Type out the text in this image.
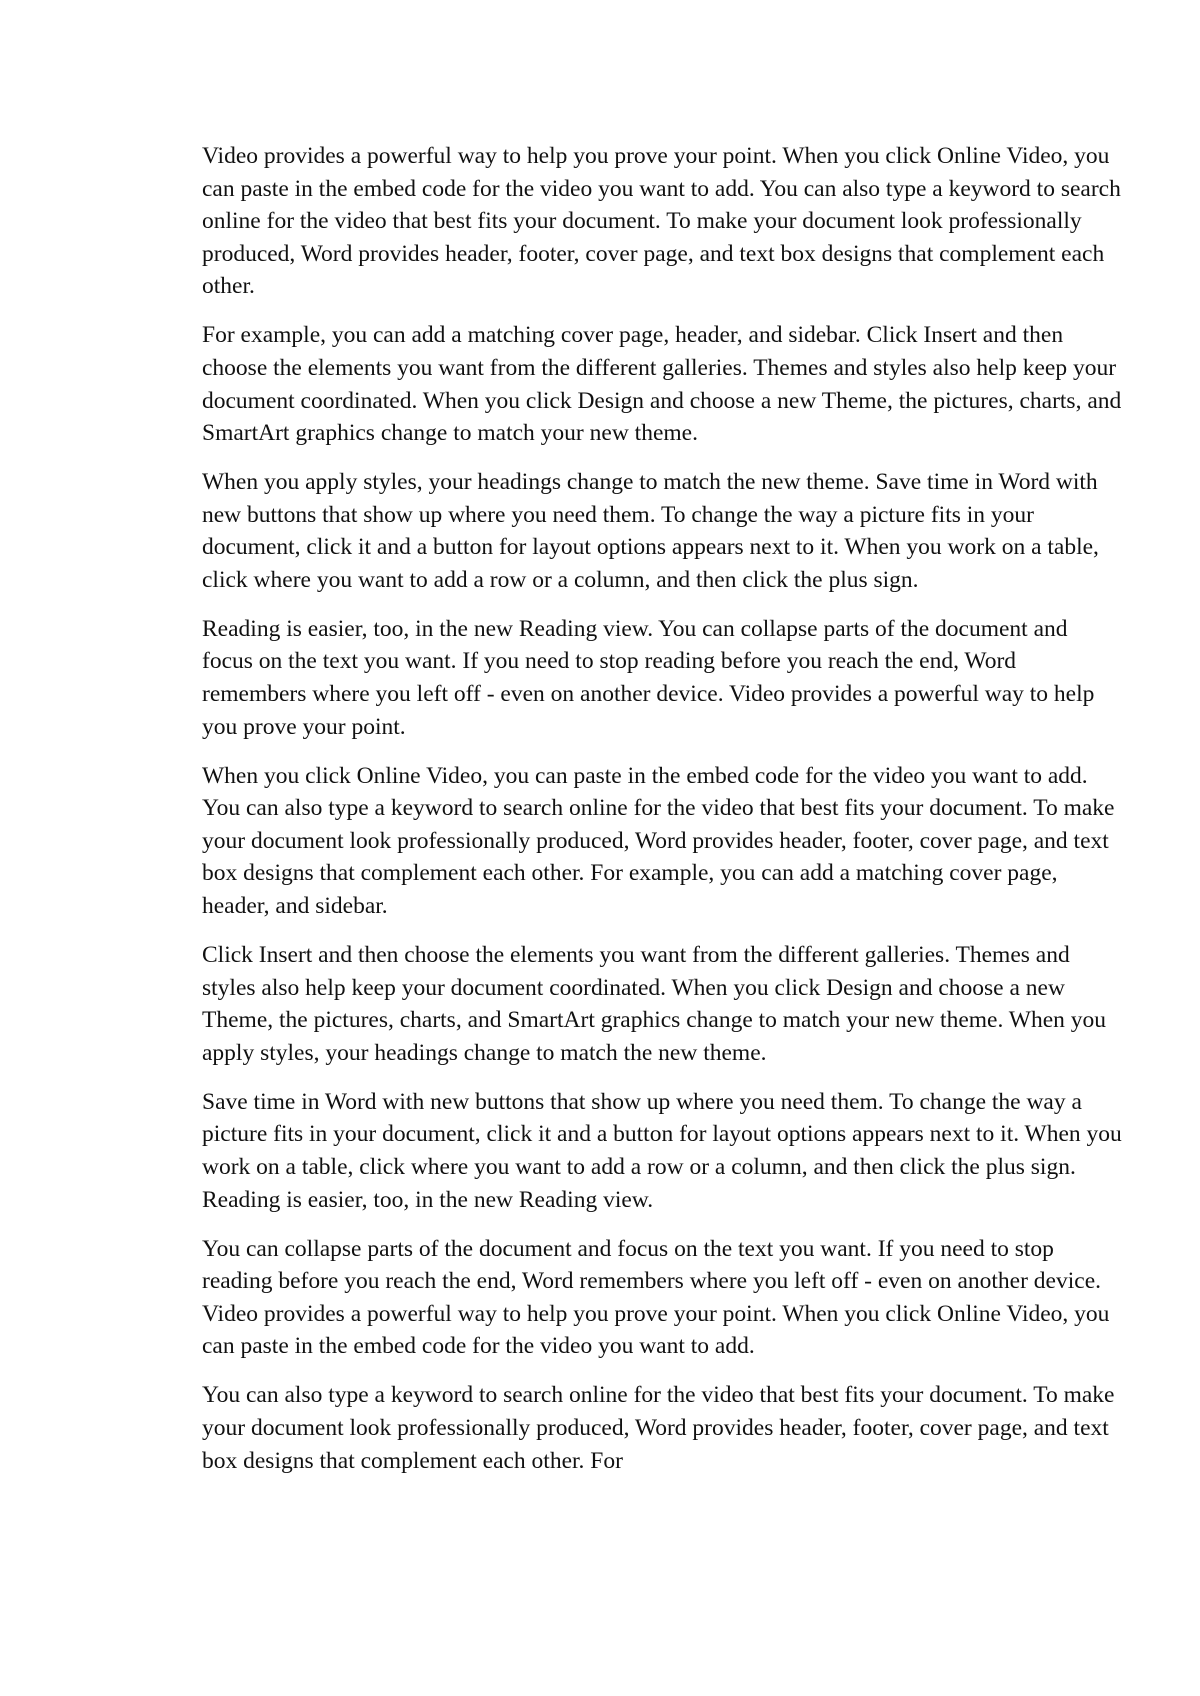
Video provides a powerful way to help you prove your point. When you click Online Video, you can paste in the embed code for the video you want to add. You can also type a keyword to search online for the video that best fits your document. To make your document look professionally produced, Word provides header, footer, cover page, and text box designs that complement each other.

For example, you can add a matching cover page, header, and sidebar. Click Insert and then choose the elements you want from the different galleries. Themes and styles also help keep your document coordinated. When you click Design and choose a new Theme, the pictures, charts, and SmartArt graphics change to match your new theme.

When you apply styles, your headings change to match the new theme. Save time in Word with new buttons that show up where you need them. To change the way a picture fits in your document, click it and a button for layout options appears next to it. When you work on a table, click where you want to add a row or a column, and then click the plus sign.

Reading is easier, too, in the new Reading view. You can collapse parts of the document and focus on the text you want. If you need to stop reading before you reach the end, Word remembers where you left off - even on another device. Video provides a powerful way to help you prove your point.

When you click Online Video, you can paste in the embed code for the video you want to add. You can also type a keyword to search online for the video that best fits your document. To make your document look professionally produced, Word provides header, footer, cover page, and text box designs that complement each other. For example, you can add a matching cover page, header, and sidebar.

Click Insert and then choose the elements you want from the different galleries. Themes and styles also help keep your document coordinated. When you click Design and choose a new Theme, the pictures, charts, and SmartArt graphics change to match your new theme. When you apply styles, your headings change to match the new theme.

Save time in Word with new buttons that show up where you need them. To change the way a picture fits in your document, click it and a button for layout options appears next to it. When you work on a table, click where you want to add a row or a column, and then click the plus sign. Reading is easier, too, in the new Reading view.

You can collapse parts of the document and focus on the text you want. If you need to stop reading before you reach the end, Word remembers where you left off - even on another device. Video provides a powerful way to help you prove your point. When you click Online Video, you can paste in the embed code for the video you want to add.

You can also type a keyword to search online for the video that best fits your document. To make your document look professionally produced, Word provides header, footer, cover page, and text box designs that complement each other. For
